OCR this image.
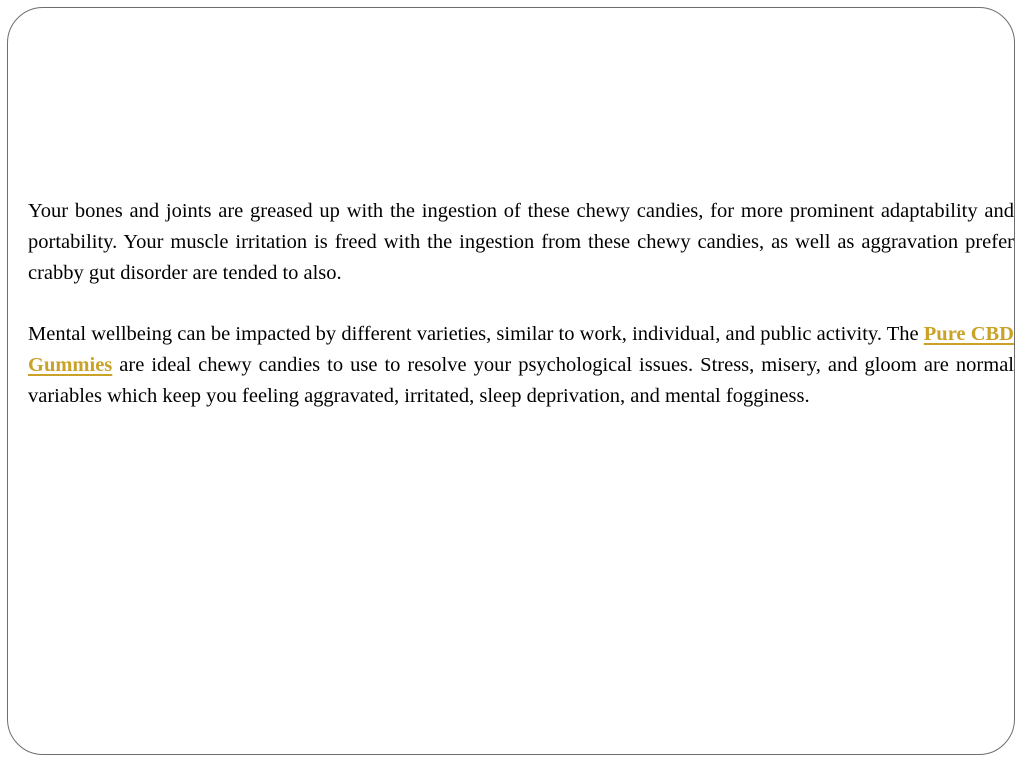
Your bones and joints are greased up with the ingestion of these chewy candies, for more prominent adaptability and portability. Your muscle irritation is freed with the ingestion from these chewy candies, as well as aggravation prefer crabby gut disorder are tended to also.

Mental wellbeing can be impacted by different varieties, similar to work, individual, and public activity. The Pure CBD Gummies are ideal chewy candies to use to resolve your psychological issues. Stress, misery, and gloom are normal variables which keep you feeling aggravated, irritated, sleep deprivation, and mental fogginess.
